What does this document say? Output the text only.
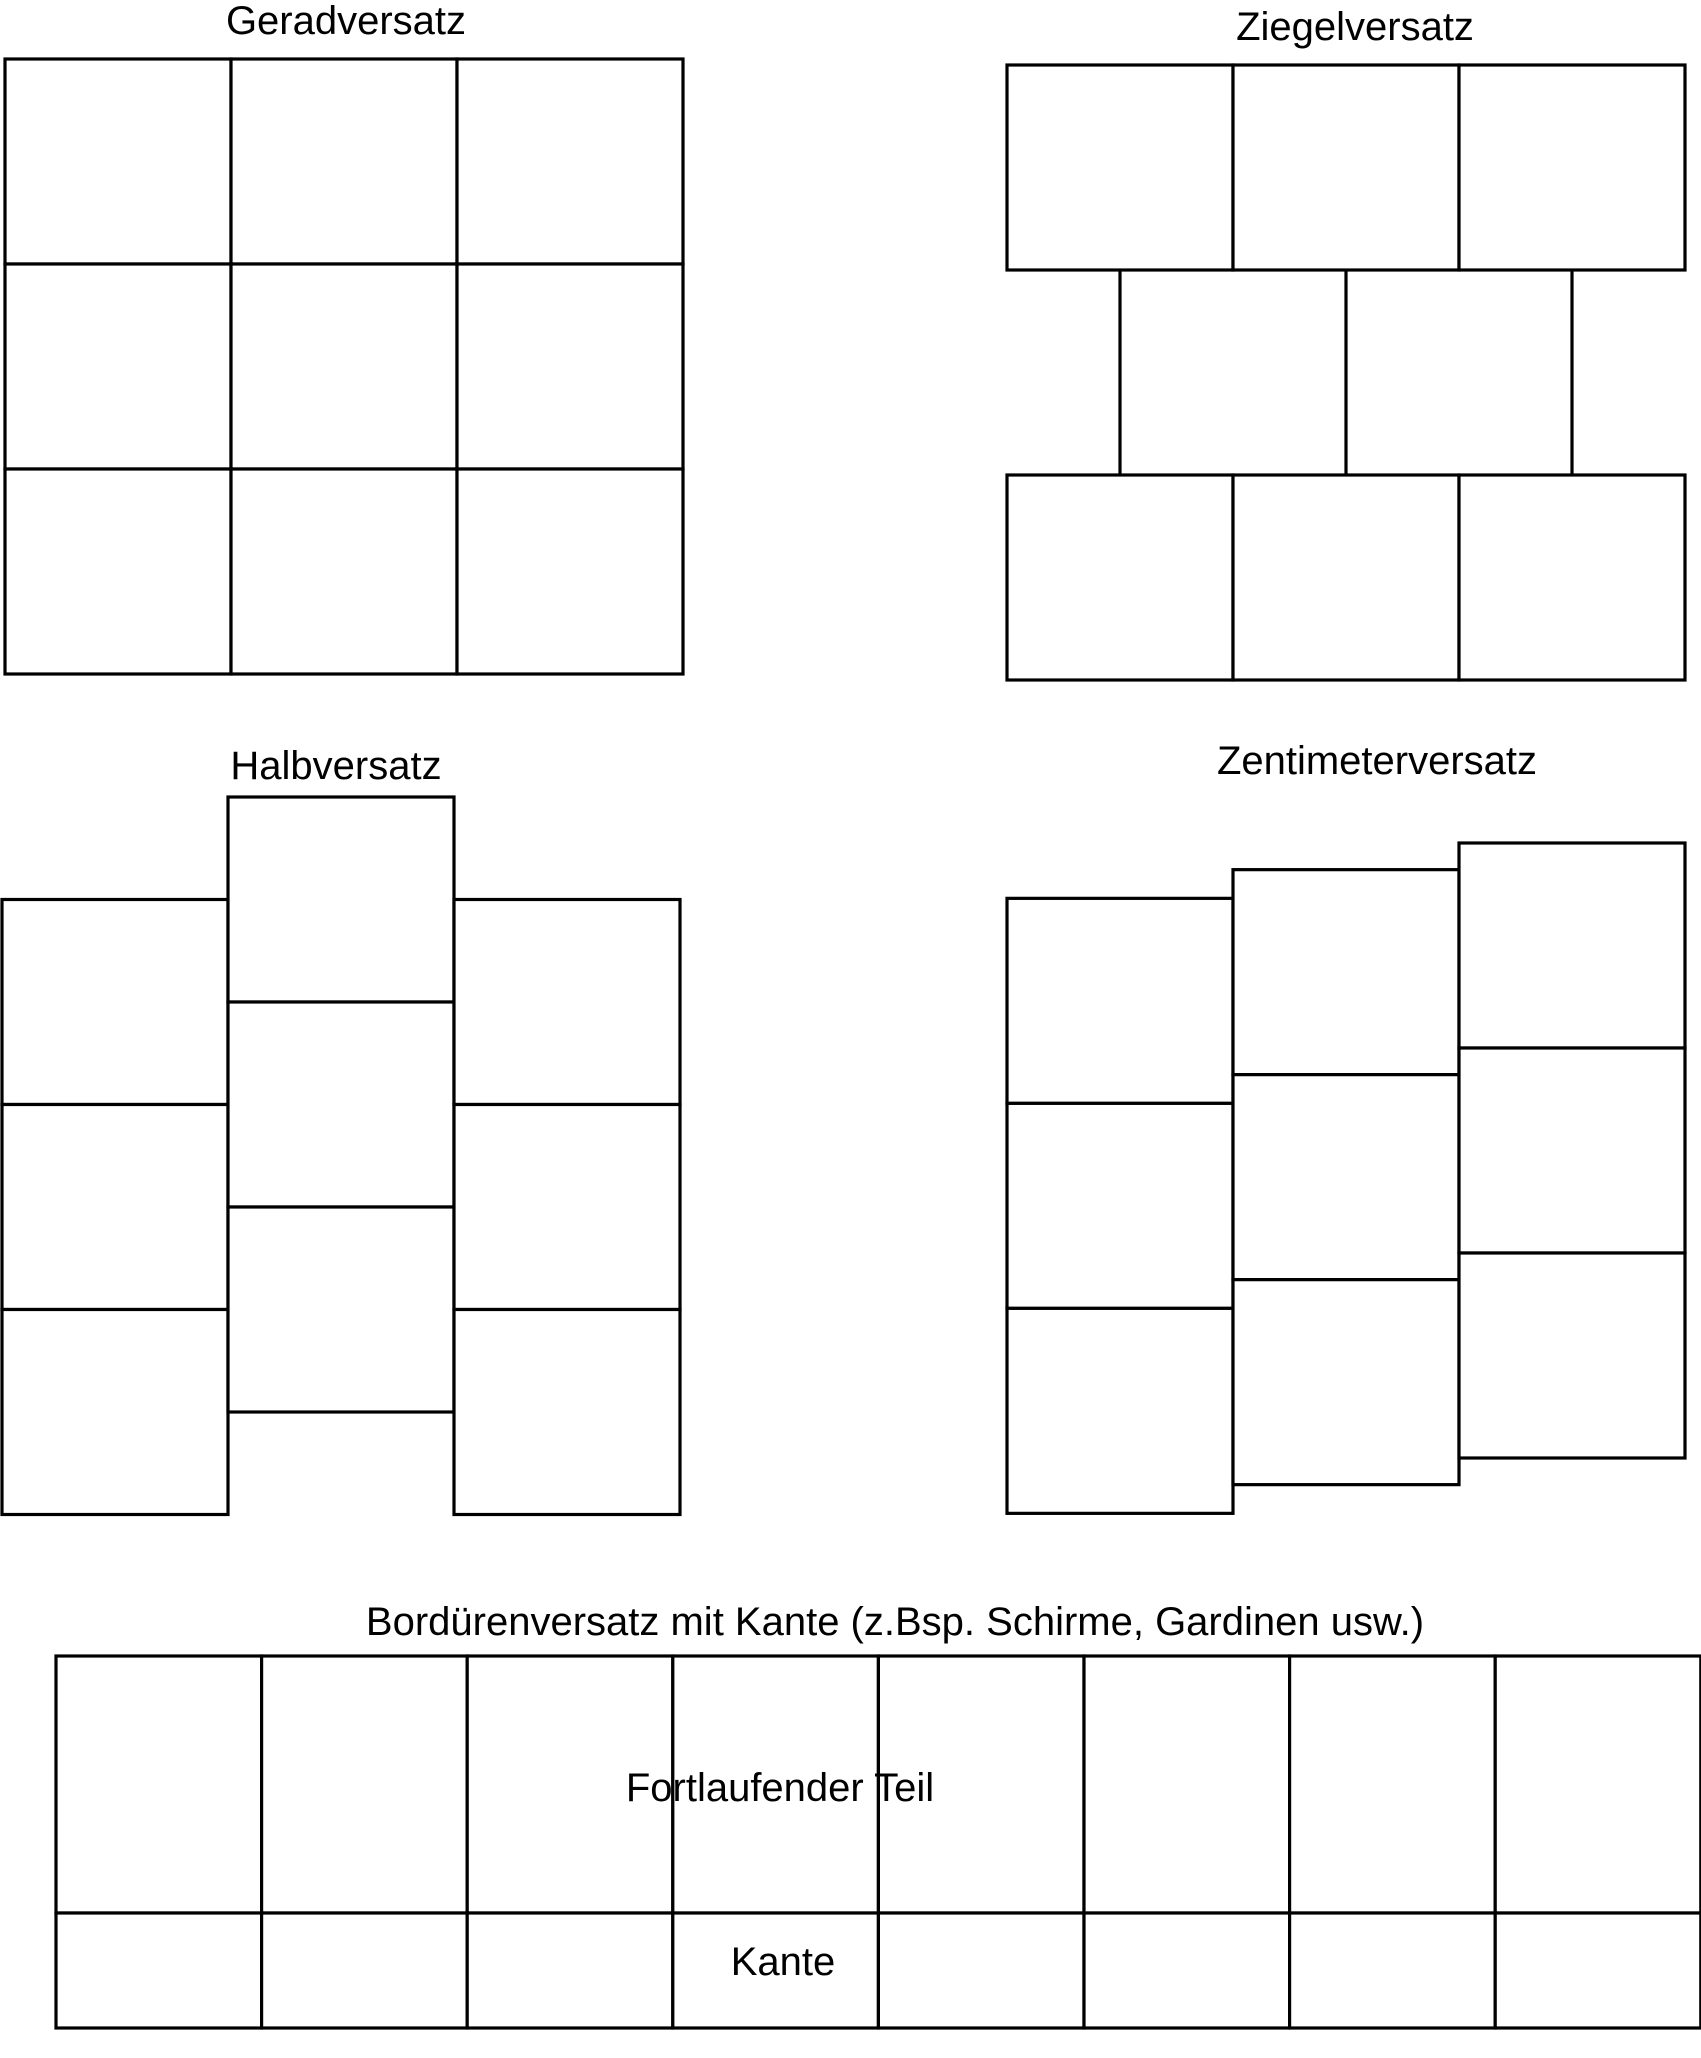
Geradversatz	Ziegelversatz
Halbversatz	Zentimeterversatz
Bordürenversatz mit Kante (z.Bsp. Schirme, Gardinen usw.)
Fortlaufender Teil
Kante
